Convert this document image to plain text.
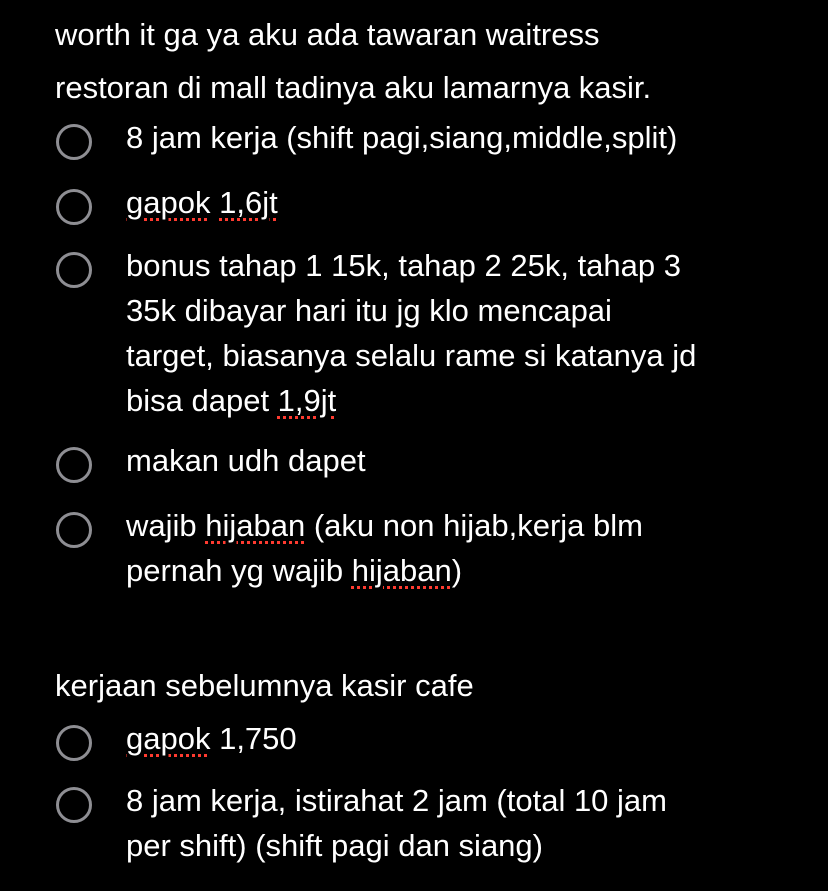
worth it ga ya aku ada tawaran waitress
restoran di mall tadinya aku lamarnya kasir.
8 jam kerja (shift pagi,siang,middle,split)
gapok 1,6jt
bonus tahap 1 15k, tahap 2 25k, tahap 3
35k dibayar hari itu jg klo mencapai
target, biasanya selalu rame si katanya jd
bisa dapet 1,9jt
makan udh dapet
wajib hijaban (aku non hijab,kerja blm
pernah yg wajib hijaban)
kerjaan sebelumnya kasir cafe
gapok 1,750
8 jam kerja, istirahat 2 jam (total 10 jam
per shift) (shift pagi dan siang)
